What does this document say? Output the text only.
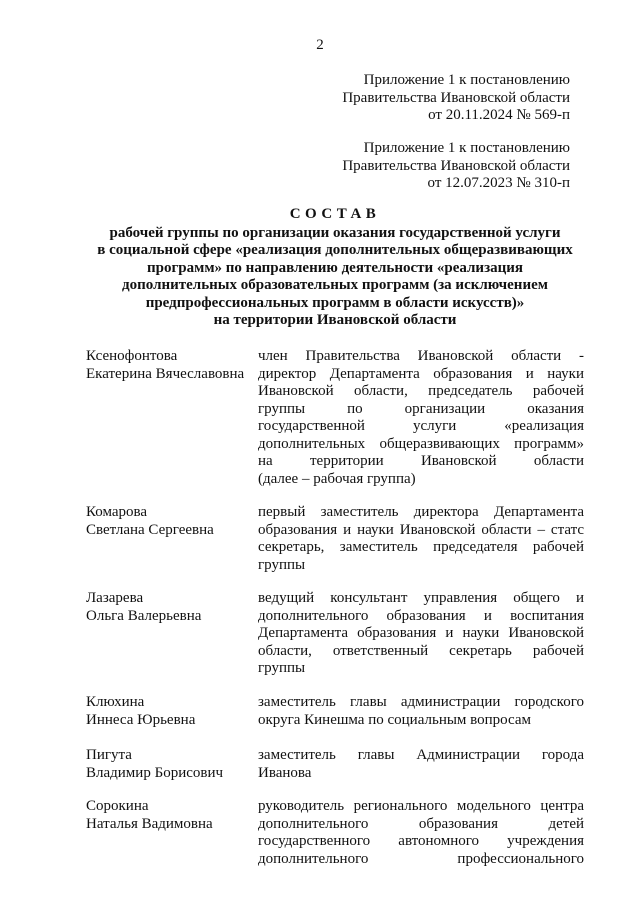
2
Приложение 1 к постановлению
Правительства Ивановской области
от 20.11.2024 № 569-п
Приложение 1 к постановлению
Правительства Ивановской области
от 12.07.2023 № 310-п
СОСТАВ
рабочей группы по организации оказания государственной услуги
в социальной сфере «реализация дополнительных общеразвивающих
программ» по направлению деятельности «реализация
дополнительных образовательных программ (за исключением
предпрофессиональных программ в области искусств)»
на территории Ивановской области
Ксенофонтова
Екатерина Вячеславовна
член Правительства Ивановской области -
директор Департамента образования и науки
Ивановской области, председатель рабочей
группы по организации оказания
государственной услуги «реализация
дополнительных общеразвивающих программ»
на территории Ивановской области
(далее – рабочая группа)
Комарова
Светлана Сергеевна
первый заместитель директора Департамента
образования и науки Ивановской области – статс
секретарь, заместитель председателя рабочей
группы
Лазарева
Ольга Валерьевна
ведущий консультант управления общего и
дополнительного образования и воспитания
Департамента образования и науки Ивановской
области, ответственный секретарь рабочей
группы
Клюхина
Иннеса Юрьевна
заместитель главы администрации городского
округа Кинешма по социальным вопросам
Пигута
Владимир Борисович
заместитель главы Администрации города
Иванова
Сорокина
Наталья Вадимовна
руководитель регионального модельного центра
дополнительного образования детей
государственного автономного учреждения
дополнительного профессионального
